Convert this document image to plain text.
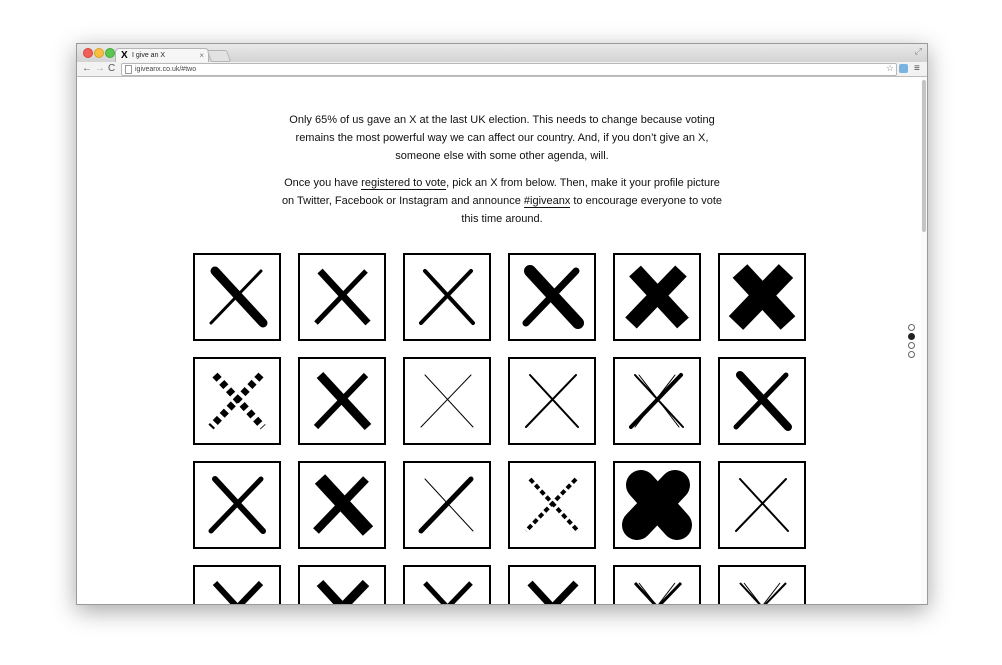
X I give an X	×	⤢
← → C	igiveanx.co.uk/#two	☆ ≡

Only 65% of us gave an X at the last UK election. This needs to change because voting remains the most powerful way we can affect our country. And, if you don’t give an X, someone else with some other agenda, will.

Once you have registered to vote, pick an X from below. Then, make it your profile picture on Twitter, Facebook or Instagram and announce #igiveanx to encourage everyone to vote this time around.
